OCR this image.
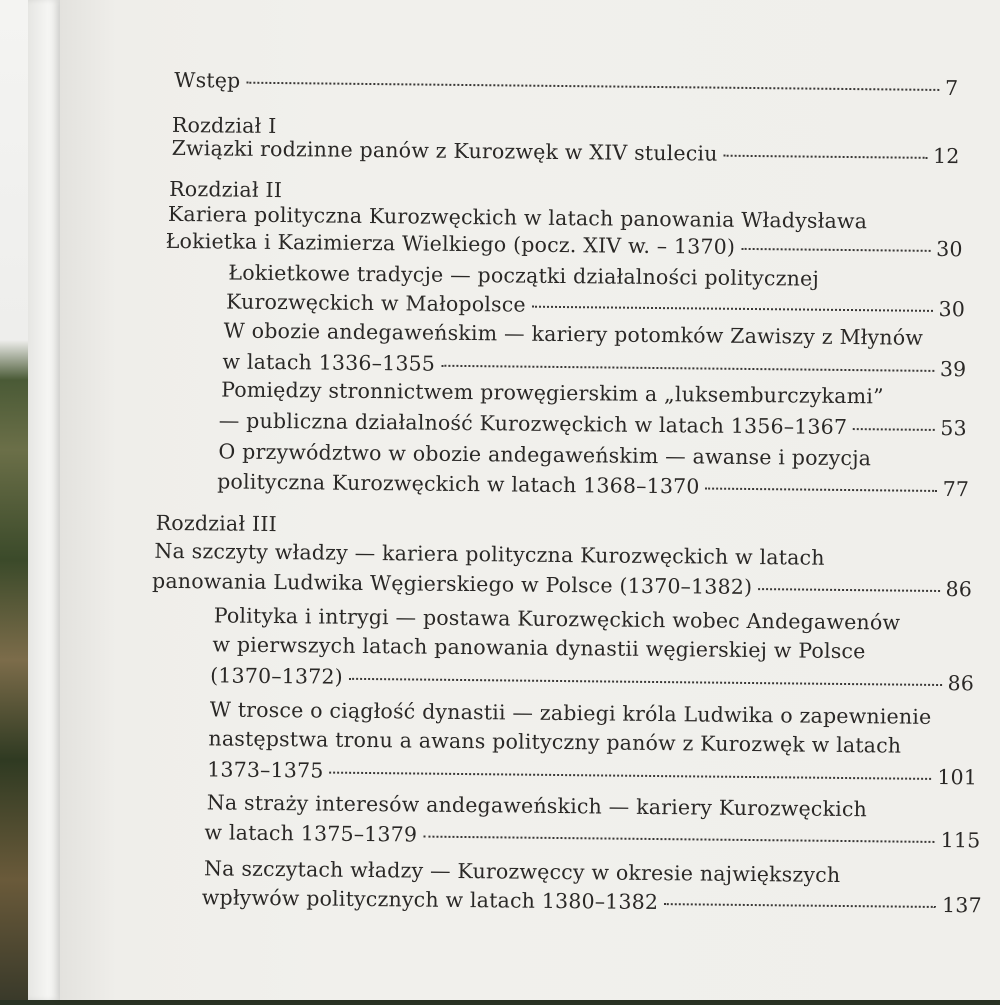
Wstęp	7
Rozdział I
Związki rodzinne panów z Kurozwęk w XIV stuleciu	12
Rozdział II
Kariera polityczna Kurozwęckich w latach panowania Władysława
Łokietka i Kazimierza Wielkiego (pocz. XIV w. – 1370)	30
Łokietkowe tradycje — początki działalności politycznej
Kurozwęckich w Małopolsce	30
W obozie andegaweńskim — kariery potomków Zawiszy z Młynów
w latach 1336–1355	39
Pomiędzy stronnictwem prowęgierskim a „luksemburczykami”
— publiczna działalność Kurozwęckich w latach 1356–1367	53
O przywództwo w obozie andegaweńskim — awanse i pozycja
polityczna Kurozwęckich w latach 1368–1370	77
Rozdział III
Na szczyty władzy — kariera polityczna Kurozwęckich w latach
panowania Ludwika Węgierskiego w Polsce (1370–1382)	86
Polityka i intrygi — postawa Kurozwęckich wobec Andegawenów
w pierwszych latach panowania dynastii węgierskiej w Polsce
(1370–1372)	86
W trosce o ciągłość dynastii — zabiegi króla Ludwika o zapewnienie
następstwa tronu a awans polityczny panów z Kurozwęk w latach
1373–1375	101
Na straży interesów andegaweńskich — kariery Kurozwęckich
w latach 1375–1379	115
Na szczytach władzy — Kurozwęccy w okresie największych
wpływów politycznych w latach 1380–1382	137
